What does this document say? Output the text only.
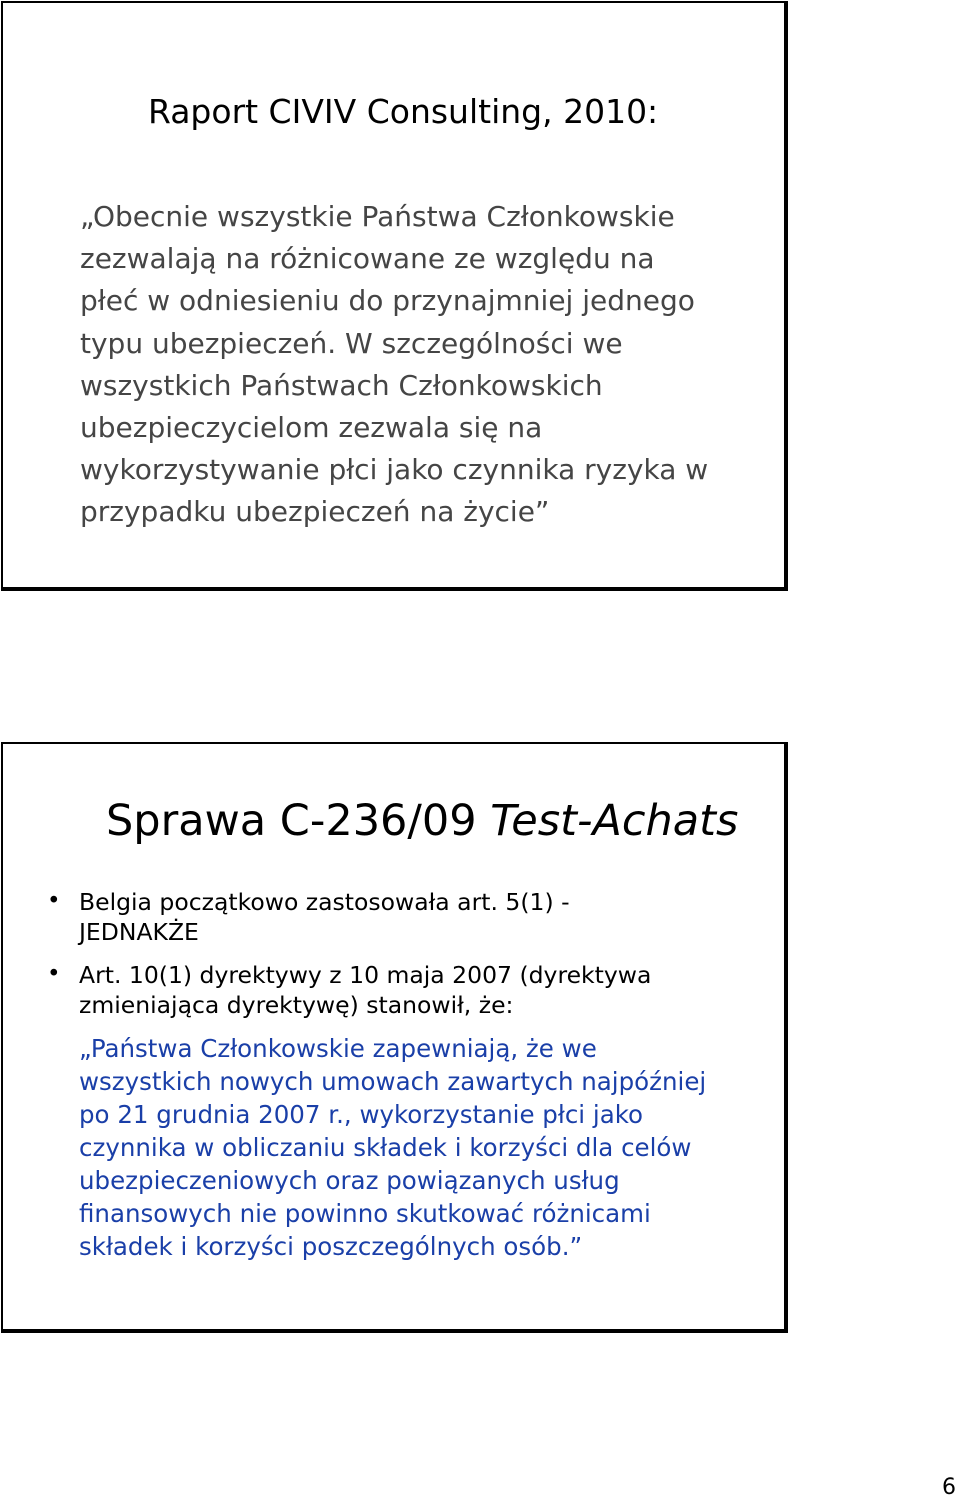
Raport CIVIV Consulting, 2010:
„Obecnie wszystkie Państwa Członkowskie
zezwalają na różnicowane ze względu na
płeć w odniesieniu do przynajmniej jednego
typu ubezpieczeń. W szczególności we
wszystkich Państwach Członkowskich
ubezpieczycielom zezwala się na
wykorzystywanie płci jako czynnika ryzyka w
przypadku ubezpieczeń na życie”
Sprawa C-236/09 Test-Achats
• Belgia początkowo zastosowała art. 5(1) -
JEDNAKŻE
• Art. 10(1) dyrektywy z 10 maja 2007 (dyrektywa
zmieniająca dyrektywę) stanowił, że:
„Państwa Członkowskie zapewniają, że we
wszystkich nowych umowach zawartych najpóźniej
po 21 grudnia 2007 r., wykorzystanie płci jako
czynnika w obliczaniu składek i korzyści dla celów
ubezpieczeniowych oraz powiązanych usług
finansowych nie powinno skutkować różnicami
składek i korzyści poszczególnych osób.”
6
